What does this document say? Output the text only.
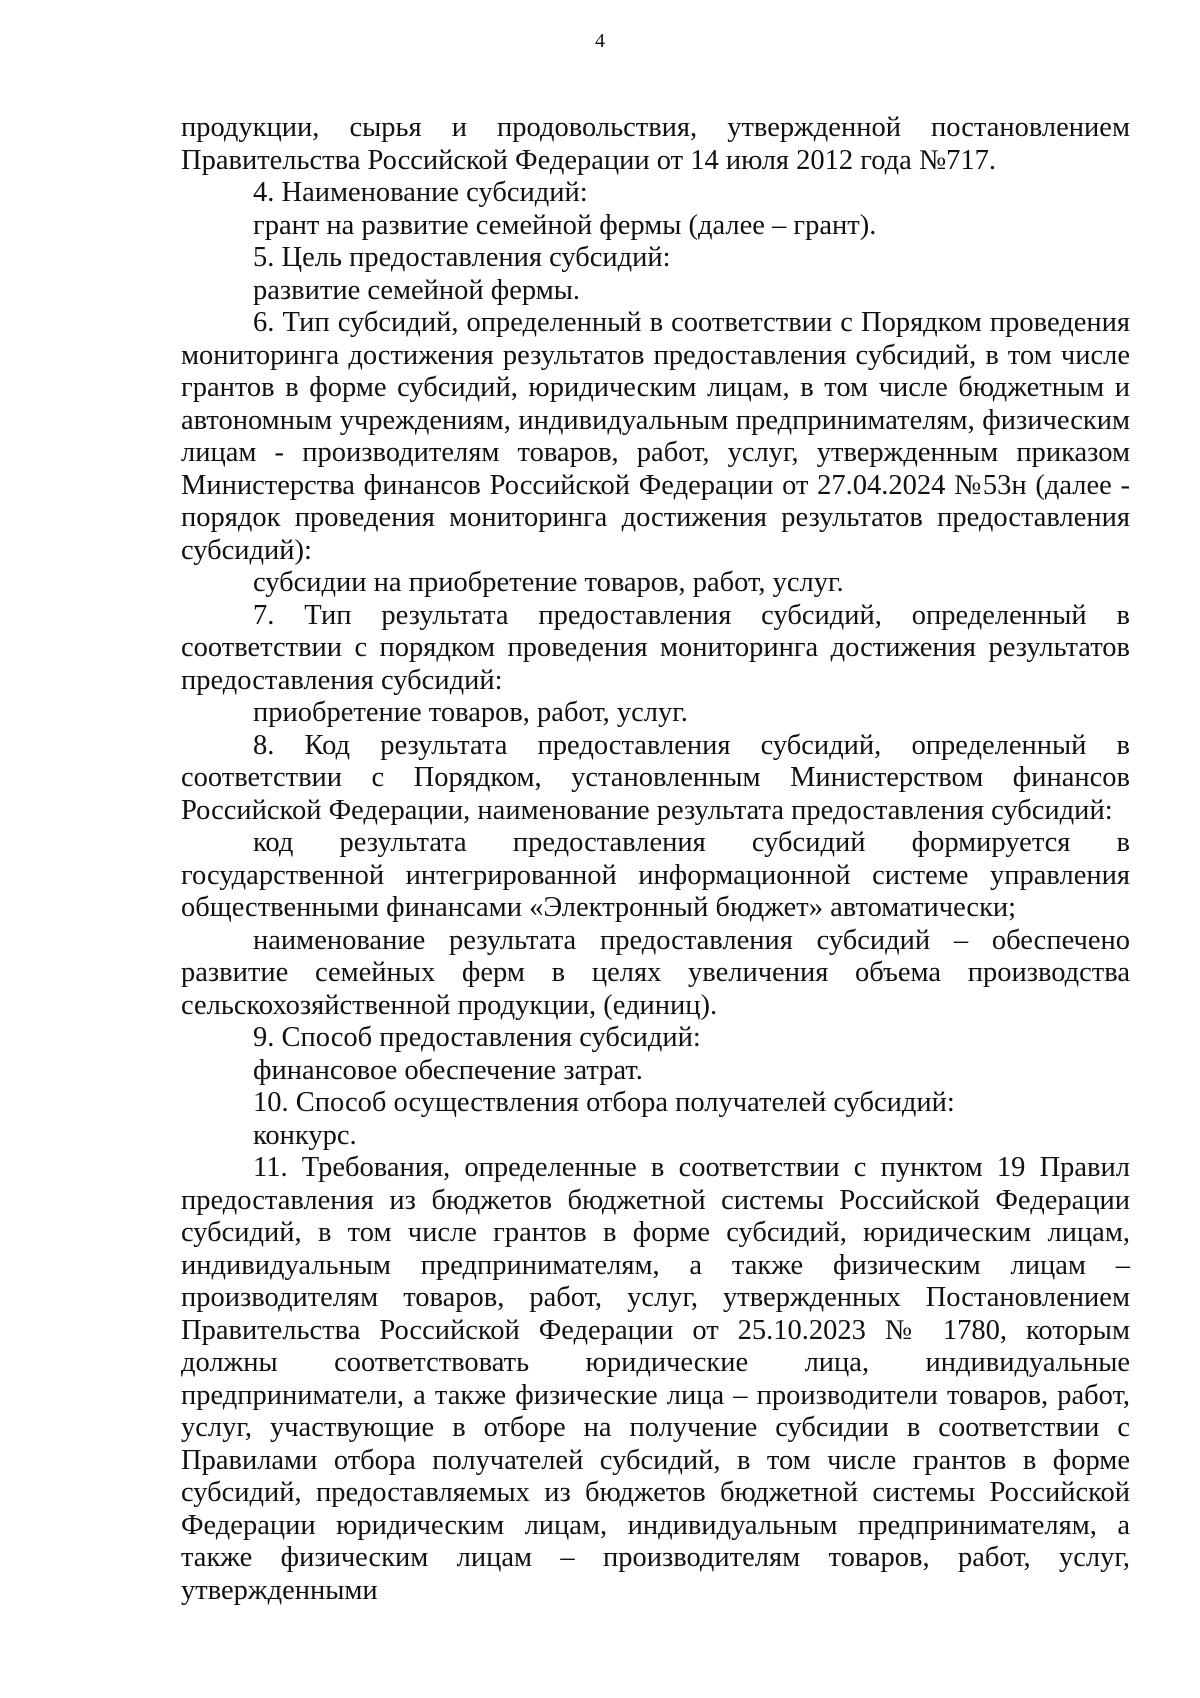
4

продукции, сырья и продовольствия, утвержденной постановлением Правительства Российской Федерации от 14 июля 2012 года №717.

4. Наименование субсидий:

грант на развитие семейной фермы (далее – грант).

5. Цель предоставления субсидий:

развитие семейной фермы.

6. Тип субсидий, определенный в соответствии с Порядком проведения мониторинга достижения результатов предоставления субсидий, в том числе грантов в форме субсидий, юридическим лицам, в том числе бюджетным и автономным учреждениям, индивидуальным предпринимателям, физическим лицам - производителям товаров, работ, услуг, утвержденным приказом Министерства финансов Российской Федерации от 27.04.2024 №53н (далее - порядок проведения мониторинга достижения результатов предоставления субсидий):

субсидии на приобретение товаров, работ, услуг.

7. Тип результата предоставления субсидий, определенный в соответствии с порядком проведения мониторинга достижения результатов предоставления субсидий:

приобретение товаров, работ, услуг.

8. Код результата предоставления субсидий, определенный в соответствии с Порядком, установленным Министерством финансов Российской Федерации, наименование результата предоставления субсидий:

код результата предоставления субсидий формируется в государственной интегрированной информационной системе управления общественными финансами «Электронный бюджет» автоматически;

наименование результата предоставления субсидий – обеспечено развитие семейных ферм в целях увеличения объема производства сельскохозяйственной продукции, (единиц).

9. Способ предоставления субсидий:

финансовое обеспечение затрат.

10. Способ осуществления отбора получателей субсидий:

конкурс.

11. Требования, определенные в соответствии с пунктом 19 Правил предоставления из бюджетов бюджетной системы Российской Федерации субсидий, в том числе грантов в форме субсидий, юридическим лицам, индивидуальным предпринимателям, а также физическим лицам – производителям товаров, работ, услуг, утвержденных Постановлением Правительства Российской Федерации от 25.10.2023 № 1780, которым должны соответствовать юридические лица, индивидуальные предприниматели, а также физические лица – производители товаров, работ, услуг, участвующие в отборе на получение субсидии в соответствии с Правилами отбора получателей субсидий, в том числе грантов в форме субсидий, предоставляемых из бюджетов бюджетной системы Российской Федерации юридическим лицам, индивидуальным предпринимателям, а также физическим лицам – производителям товаров, работ, услуг, утвержденными
